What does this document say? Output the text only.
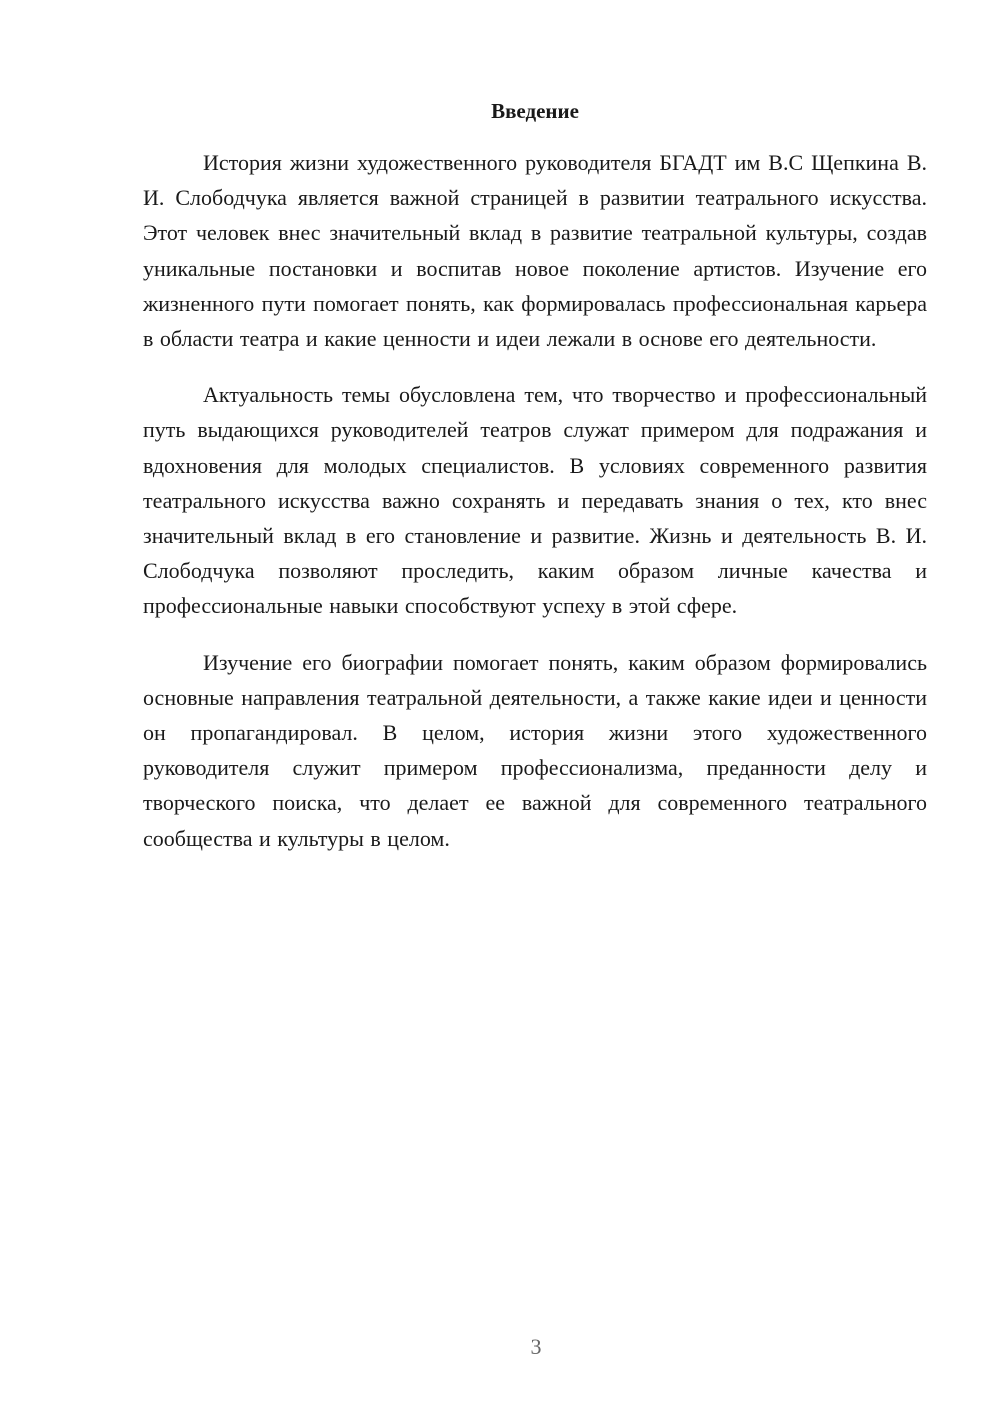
Введение

История жизни художественного руководителя БГАДТ им В.С Щепкина В. И. Слободчука является важной страницей в развитии театрального искусства. Этот человек внес значительный вклад в развитие театральной культуры, создав уникальные постановки и воспитав новое поколение артистов. Изучение его жизненного пути помогает понять, как формировалась профессиональная карьера в области театра и какие ценности и идеи лежали в основе его деятельности.

Актуальность темы обусловлена тем, что творчество и профессиональный путь выдающихся руководителей театров служат примером для подражания и вдохновения для молодых специалистов. В условиях современного развития театрального искусства важно сохранять и передавать знания о тех, кто внес значительный вклад в его становление и развитие. Жизнь и деятельность В. И. Слободчука позволяют проследить, каким образом личные качества и профессиональные навыки способствуют успеху в этой сфере.

Изучение его биографии помогает понять, каким образом формировались основные направления театральной деятельности, а также какие идеи и ценности он пропагандировал. В целом, история жизни этого художественного руководителя служит примером профессионализма, преданности делу и творческого поиска, что делает ее важной для современного театрального сообщества и культуры в целом.

3
